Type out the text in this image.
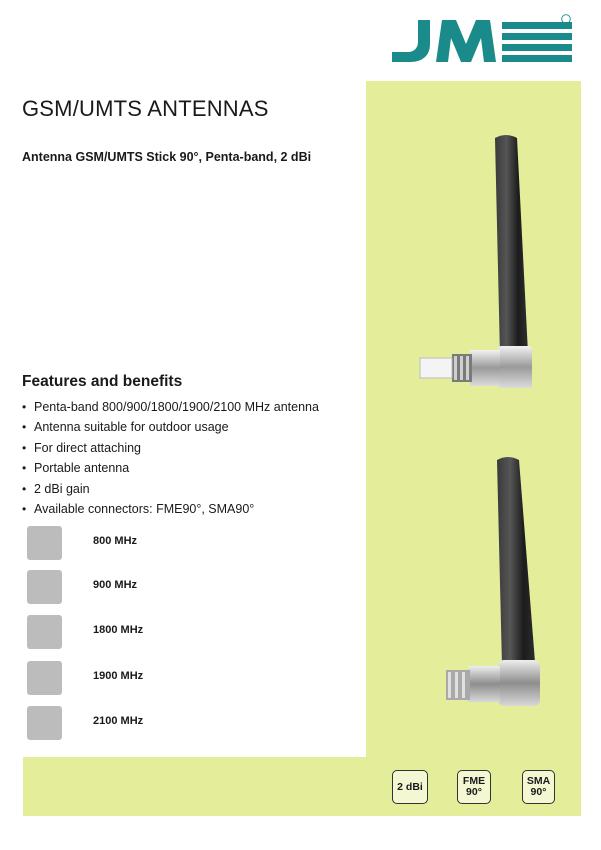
GSM/UMTS ANTENNAS
Antenna GSM/UMTS Stick 90°, Penta-band, 2 dBi
Features and benefits
• Penta-band 800/900/1800/1900/2100 MHz antenna
• Antenna suitable for outdoor usage
• For direct attaching
• Portable antenna
• 2 dBi gain
• Available connectors: FME90°, SMA90°
800 MHz
900 MHz
1800 MHz
1900 MHz
2100 MHz
2 dBi	FME
90°
SMA
90°
